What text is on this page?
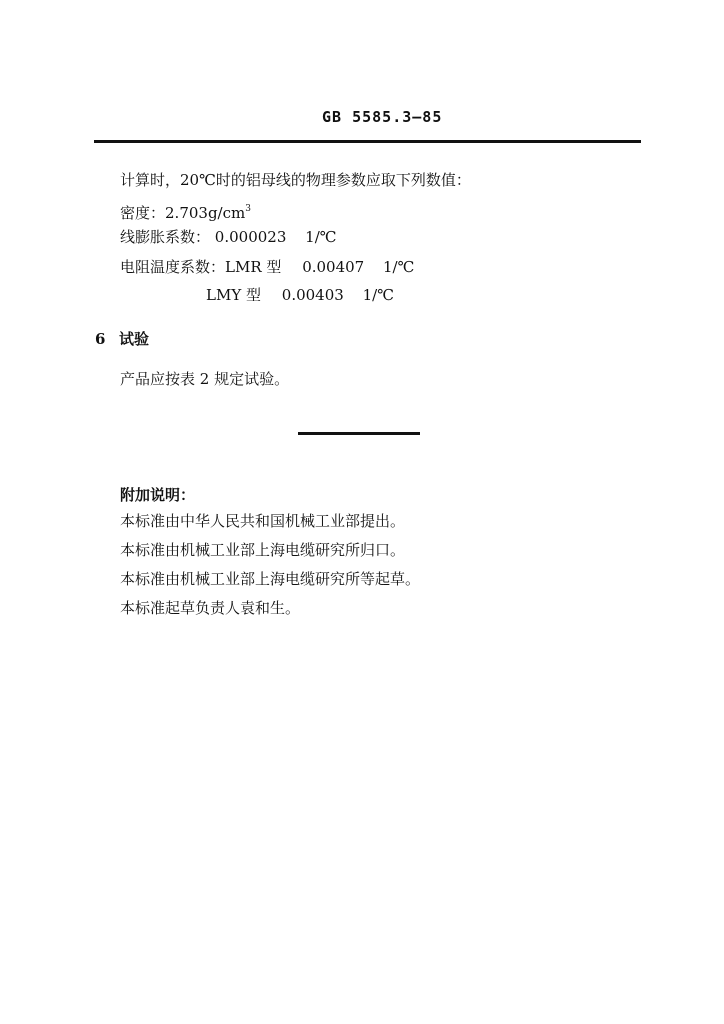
GB 5585.3—85
计算时，20℃时的铝母线的物理参数应取下列数值：
密度：$2.703g/cm^3$
线膨胀系数： 0.000023 1/℃
电阻温度系数：LMR 型 0.00407 1/℃
LMY 型 0.00403 1/℃
6 试验
产品应按表 2 规定试验。
附加说明：
本标准由中华人民共和国机械工业部提出。
本标准由机械工业部上海电缆研究所归口。
本标准由机械工业部上海电缆研究所等起草。
本标准起草负责人袁和生。
